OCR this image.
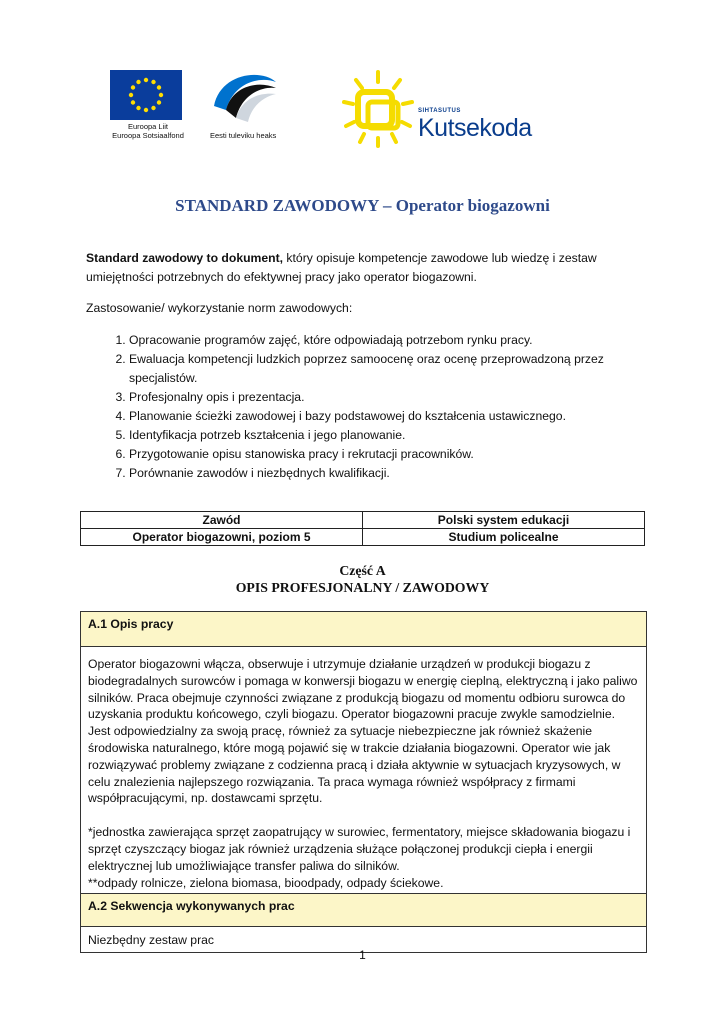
Euroopa Liit
Euroopa Sotsiaalfond	Eesti tuleviku heaks
SIHTASUTUS
Kutsekoda
STANDARD ZAWODOWY – Operator biogazowni
Standard zawodowy to dokument, który opisuje kompetencje zawodowe lub wiedzę i zestaw umiejętności potrzebnych do efektywnej pracy jako operator biogazowni.
Zastosowanie/ wykorzystanie norm zawodowych:
1. Opracowanie programów zajęć, które odpowiadają potrzebom rynku pracy.
2. Ewaluacja kompetencji ludzkich poprzez samoocenę oraz ocenę przeprowadzoną przez specjalistów.
3. Profesjonalny opis i prezentacja.
4. Planowanie ścieżki zawodowej i bazy podstawowej do kształcenia ustawicznego.
5. Identyfikacja potrzeb kształcenia i jego planowanie.
6. Przygotowanie opisu stanowiska pracy i rekrutacji pracowników.
7. Porównanie zawodów i niezbędnych kwalifikacji.
Zawód	Polski system edukacji
Operator biogazowni, poziom 5	Studium policealne
Część A
OPIS PROFESJONALNY / ZAWODOWY
A.1 Opis pracy

Operator biogazowni włącza, obserwuje i utrzymuje działanie urządzeń w produkcji biogazu z biodegradalnych surowców i pomaga w konwersji biogazu w energię cieplną, elektryczną i jako paliwo silników. Praca obejmuje czynności związane z produkcją biogazu od momentu odbioru surowca do uzyskania produktu końcowego, czyli biogazu. Operator biogazowni pracuje zwykle samodzielnie. Jest odpowiedzialny za swoją pracę, również za sytuacje niebezpieczne jak również skażenie środowiska naturalnego, które mogą pojawić się w trakcie działania biogazowni. Operator wie jak rozwiązywać problemy związane z codzienna pracą i działa aktywnie w sytuacjach kryzysowych, w celu znalezienia najlepszego rozwiązania. Ta praca wymaga również współpracy z firmami współpracującymi, np. dostawcami sprzętu.

*jednostka zawierająca sprzęt zaopatrujący w surowiec, fermentatory, miejsce składowania biogazu i sprzęt czyszczący biogaz jak również urządzenia służące połączonej produkcji ciepła i energii elektrycznej lub umożliwiające transfer paliwa do silników.

**odpady rolnicze, zielona biomasa, bioodpady, odpady ściekowe.

A.2 Sekwencja wykonywanych prac
Niezbędny zestaw prac
1
